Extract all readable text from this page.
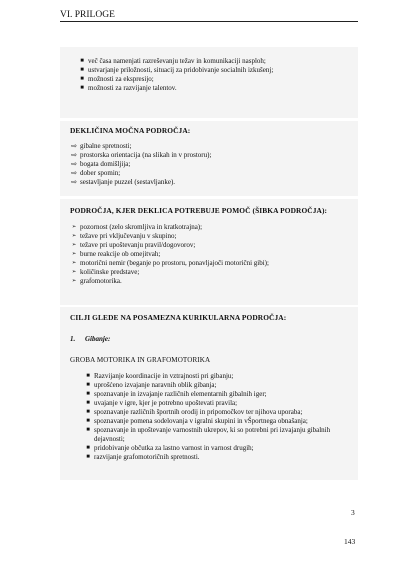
VI. PRILOGE
■ več časa namenjati razreševanju težav in komunikaciji nasploh;
■ ustvarjanje priložnosti, situacij za pridobivanje socialnih izkušenj;
■ možnosti za ekspresijo;
■ možnosti za razvijanje talentov.
DEKLIČINA MOČNA PODROČJA:
⇨ gibalne spretnosti;
⇨ prostorska orientacija (na slikah in v prostoru);
⇨ bogata domišljija;
⇨ dober spomin;
⇨ sestavljanje puzzel (sestavljanke).
PODROČJA, KJER DEKLICA POTREBUJE POMOČ (ŠIBKA PODROČJA):
➢ pozornost (zelo skromljiva in kratkotrajna);
➢ težave pri vključevanju v skupino;
➢ težave pri upoštevanju pravil/dogovorov;
➢ burne reakcije ob omejitvah;
➢ motorični nemir (beganje po prostoru, ponavljajoči motorični gibi);
➢ količinske predstave;
➢ grafomotorika.
CILJI GLEDE NA POSAMEZNA KURIKULARNA PODROČJA:
1. Gibanje:
GROBA MOTORIKA IN GRAFOMOTORIKA
■ Razvijanje koordinacije in vztrajnosti pri gibanju;
■ uprošćeno izvajanje naravnih oblik gibanja;
■ spoznavanje in izvajanje različnih elementarnih gibalnih iger;
■ uvajanje v igre, kjer je potrebno upoštevati pravila;
■ spoznavanje različnih športnih orodij in pripomočkov ter njihova uporaba;
■ spoznavanje pomena sodelovanja v igralni skupini in vŠportnega obnašanja;
■ spoznavanje in upoštevanje varnostnih ukrepov, ki so potrebni pri izvajanju gibalnih dejavnosti;
■ pridobivanje občutka za lastno varnost in varnost drugih;
■ razvijanje grafomotoričnih spretnosti.
3
143
